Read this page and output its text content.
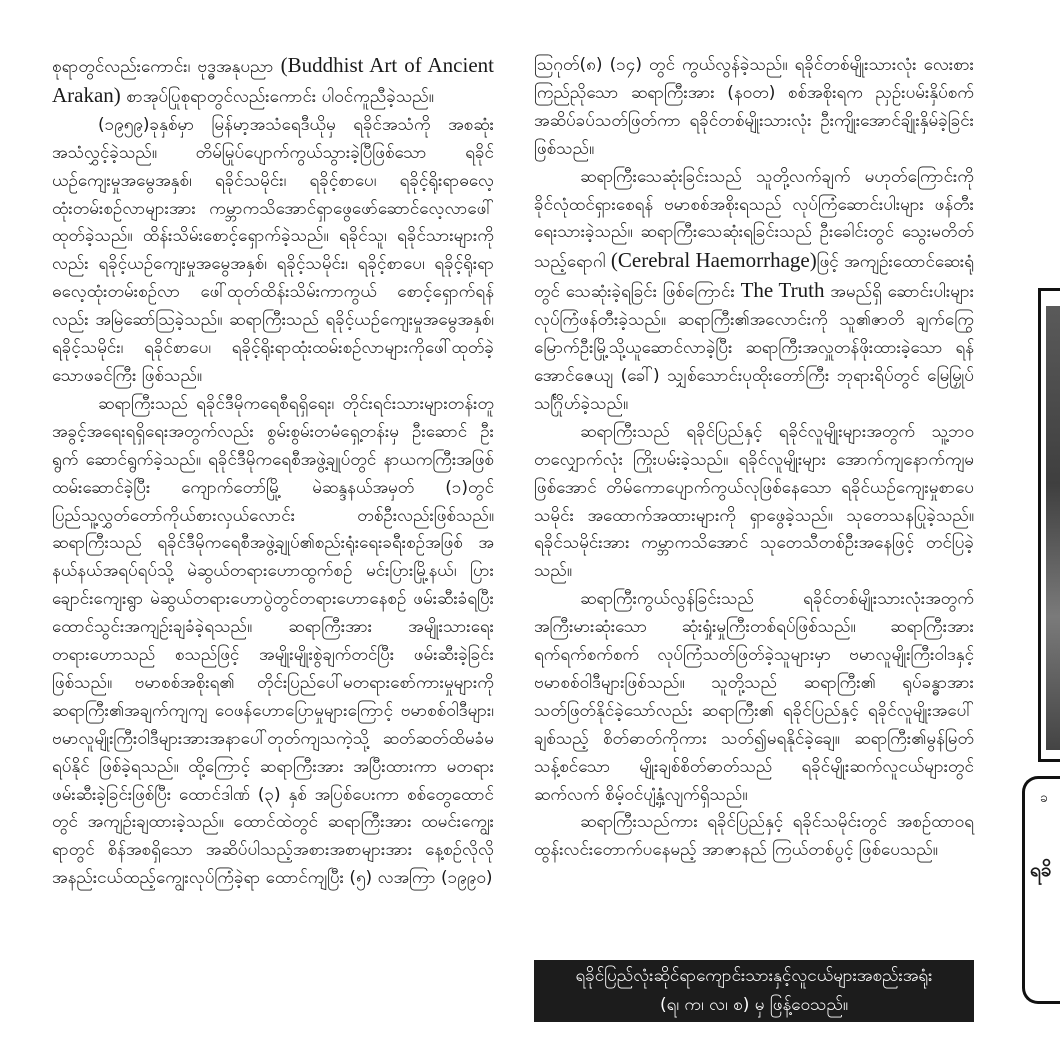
စုရာတွင်လည်းကောင်း၊ ဗုဒ္ဓအနုပညာ (Buddhist Art of Ancient Arakan) စာအုပ်ပြုစုရာတွင်လည်းကောင်း ပါဝင်ကူညီခဲ့သည်။

(၁၉၅၉)ခုနှစ်မှာ မြန်မာ့အသံရေဒီယိုမှ ရခိုင်အသံကို အစဆုံးအသံလွှင့်ခဲ့သည်။ တိမ်မြုပ်ပျောက်ကွယ်သွားခဲ့ပြီဖြစ်သော ရခိုင်ယဉ်ကျေးမှုအမွေအနှစ်၊ ရခိုင်သမိုင်း၊ ရခိုင့်စာပေ၊ ရခိုင့်ရိုးရာဓလေ့ထုံးတမ်းစဉ်လာများအား ကမ္ဘာကသိအောင်ရှာဖွေဖော်ဆောင်လေ့လာဖေါ်ထုတ်ခဲ့သည်။ ထိန်းသိမ်းစောင့်ရှောက်ခဲ့သည်။ ရခိုင်သူ၊ ရခိုင်သားများကိုလည်း ရခိုင့်ယဉ်ကျေးမှုအမွေအနှစ်၊ ရခိုင့်သမိုင်း၊ ရခိုင့်စာပေ၊ ရခိုင့်ရိုးရာ ဓလေ့ထုံးတမ်းစဉ်လာ ဖေါ်ထုတ်ထိန်းသိမ်းကာကွယ် စောင့်ရှောက်ရန်လည်း အမြဲဆော်သြခဲ့သည်။ ဆရာကြီးသည် ရခိုင့်ယဉ်ကျေးမှုအမွေအနှစ်၊ ရခိုင့်သမိုင်း၊ ရခိုင်စာပေ၊ ရခိုင့်ရိုးရာထုံးထမ်းစဉ်လာများကိုဖေါ်ထုတ်ခဲ့သောဖခင်ကြီး ဖြစ်သည်။

ဆရာကြီးသည် ရခိုင်ဒီမိုကရေစီရရှိရေး၊ တိုင်းရင်းသားများတန်းတူအခွင့်အရေးရရှိရေးအတွက်လည်း စွမ်းစွမ်းတမံရှေ့တန်းမှ ဦးဆောင် ဦးရွက် ဆောင်ရွက်ခဲ့သည်။ ရခိုင်ဒီမိုကရေစီအဖွဲ့ချုပ်တွင် နာယကကြီးအဖြစ်ထမ်းဆောင်ခဲ့ပြီး ကျောက်တော်မြို့ မဲဆန္ဒနယ်အမှတ် (၁)တွင် ပြည်သူ့လွှတ်တော်ကိုယ်စားလှယ်လောင်း တစ်ဦးလည်းဖြစ်သည်။ ဆရာကြီးသည် ရခိုင်ဒီမိုကရေစီအဖွဲ့ချုပ်၏စည်းရုံးရေးခရီးစဉ်အဖြစ် အနယ်နယ်အရပ်ရပ်သို့ မဲဆွယ်တရားဟောထွက်စဉ် မင်းပြားမြို့နယ်၊ ပြားချောင်းကျေးရွာ မဲဆွယ်တရားဟောပွဲတွင်တရားဟောနေစဉ် ဖမ်းဆီးခံရပြီး ထောင်သွင်းအကျဉ်းချခံခဲ့ရသည်။ ဆရာကြီးအား အမျိုးသားရေးတရားဟောသည် စသည်ဖြင့် အမျိုးမျိုးစွဲချက်တင်ပြီး ဖမ်းဆီးခဲ့ခြင်းဖြစ်သည်။ ဗမာစစ်အစိုးရ၏ တိုင်းပြည်ပေါ်မတရားစော်ကားမှုများကို ဆရာကြီး၏အချက်ကျကျ ဝေဖန်ဟောပြောမှုများကြောင့် ဗမာစစ်ဝါဒီများ၊ ဗမာလူမျိုးကြီးဝါဒီများအားအနာပေါ်တုတ်ကျသကဲ့သို့ ဆတ်ဆတ်ထိမခံမရပ်နိုင် ဖြစ်ခဲ့ရသည်။ ထို့ကြောင့် ဆရာကြီးအား အပြီးထားကာ မတရားဖမ်းဆီးခဲ့ခြင်းဖြစ်ပြီး ထောင်ဒါဏ် (၃) နှစ် အပြစ်ပေးကာ စစ်တွေထောင်တွင် အကျဉ်းချထားခဲ့သည်။ ထောင်ထဲတွင် ဆရာကြီးအား ထမင်းကျွေးရာတွင် စိန်အစရှိသော အဆိပ်ပါသည့်အစားအစာများအား နေ့စဉ်လိုလို အနည်းငယ်ထည့်ကျွေးလုပ်ကြံခဲ့ရာ ထောင်ကျပြီး (၅) လအကြာ (၁၉၉၀)

ဩဂုတ်(၈) (၁၄) တွင် ကွယ်လွန်ခဲ့သည်။ ရခိုင်တစ်မျိုးသားလုံး လေးစားကြည်ညိုသော ဆရာကြီးအား (န၀တ) စစ်အစိုးရက ညှဉ်းပမ်းနှိပ်စက် အဆိပ်ခပ်သတ်ဖြတ်ကာ ရခိုင်တစ်မျိုးသားလုံး ဦးကျိုးအောင်ချိုးနှိမ်ခဲ့ခြင်းဖြစ်သည်။

ဆရာကြီးသေဆုံးခြင်းသည် သူတို့လက်ချက် မဟုတ်ကြောင်းကို ခိုင်လုံထင်ရှားစေရန် ဗမာစစ်အစိုးရသည် လုပ်ကြံဆောင်းပါးများ ဖန်တီးရေးသားခဲ့သည်။ ဆရာကြီးသေဆုံးရခြင်းသည် ဦးခေါင်းတွင် သွေးမတိတ်သည့်ရောဂါ (Cerebral Haemorrhage)ဖြင့် အကျဉ်းထောင်ဆေးရုံတွင် သေဆုံးခဲ့ရခြင်း ဖြစ်ကြောင်း The Truth အမည်ရှိ ဆောင်းပါးများ လုပ်ကြံဖန်တီးခဲ့သည်။ ဆရာကြီး၏အလောင်းကို သူ၏ဇာတိ ချက်ကြွေ မြောက်ဦးမြို့သို့ယူဆောင်လာခဲ့ပြီး ဆရာကြီးအလှူတန်ဖိုးထားခဲ့သော ရန်အောင်ဇေယျ (ခေါ်) သျှစ်သောင်းပုထိုးတော်ကြီး ဘုရားရိပ်တွင် မြေမြှုပ် သင်္ဂြိုဟ်ခဲ့သည်။

ဆရာကြီးသည် ရခိုင်ပြည်နှင့် ရခိုင်လူမျိုးများအတွက် သူ့ဘဝတလျှောက်လုံး ကြိုးပမ်းခဲ့သည်။ ရခိုင်လူမျိုးများ အောက်ကျနောက်ကျမဖြစ်အောင် တိမ်ကောပျောက်ကွယ်လုဖြစ်နေသော ရခိုင်ယဉ်ကျေးမှုစာပေသမိုင်း အထောက်အထားများကို ရှာဖွေခဲ့သည်။ သုတေသနပြုခဲ့သည်။ ရခိုင်သမိုင်းအား ကမ္ဘာကသိအောင် သုတေသီတစ်ဦးအနေဖြင့် တင်ပြခဲ့သည်။

ဆရာကြီးကွယ်လွန်ခြင်းသည် ရခိုင်တစ်မျိုးသားလုံးအတွက် အကြီးမားဆုံးသော ဆုံးရှုံးမှုကြီးတစ်ရပ်ဖြစ်သည်။ ဆရာကြီးအား ရက်ရက်စက်စက် လုပ်ကြံသတ်ဖြတ်ခဲ့သူများမှာ ဗမာလူမျိုးကြီးဝါဒနှင့် ဗမာစစ်ဝါဒီများဖြစ်သည်။ သူတို့သည် ဆရာကြီး၏ ရုပ်ခန္ဓာအား သတ်ဖြတ်နိုင်ခဲ့သော်လည်း ဆရာကြီး၏ ရခိုင်ပြည်နှင့် ရခိုင်လူမျိုးအပေါ်ချစ်သည့် စိတ်ဓာတ်ကိုကား သတ်၍မရနိုင်ခဲ့ချေ။ ဆရာကြီး၏မွန်မြတ်သန့်စင်သော မျိုးချစ်စိတ်ဓာတ်သည် ရခိုင်မျိုးဆက်လူငယ်များတွင် ဆက်လက် စိမ့်ဝင်ပျံ့နှံ့လျက်ရှိသည်။

ဆရာကြီးသည်ကား ရခိုင်ပြည်နှင့် ရခိုင်သမိုင်းတွင် အစဉ်ထာဝရထွန်းလင်းတောက်ပနေမည့် အာဇာနည် ကြယ်တစ်ပွင့် ဖြစ်ပေသည်။

ရခိုင်ပြည်လုံးဆိုင်ရာကျောင်းသားနှင့်လူငယ်များအစည်းအရုံး
(ရ၊ က၊ လ၊ စ) မှ ဖြန့်ဝေသည်။
ခ
ရခိ
